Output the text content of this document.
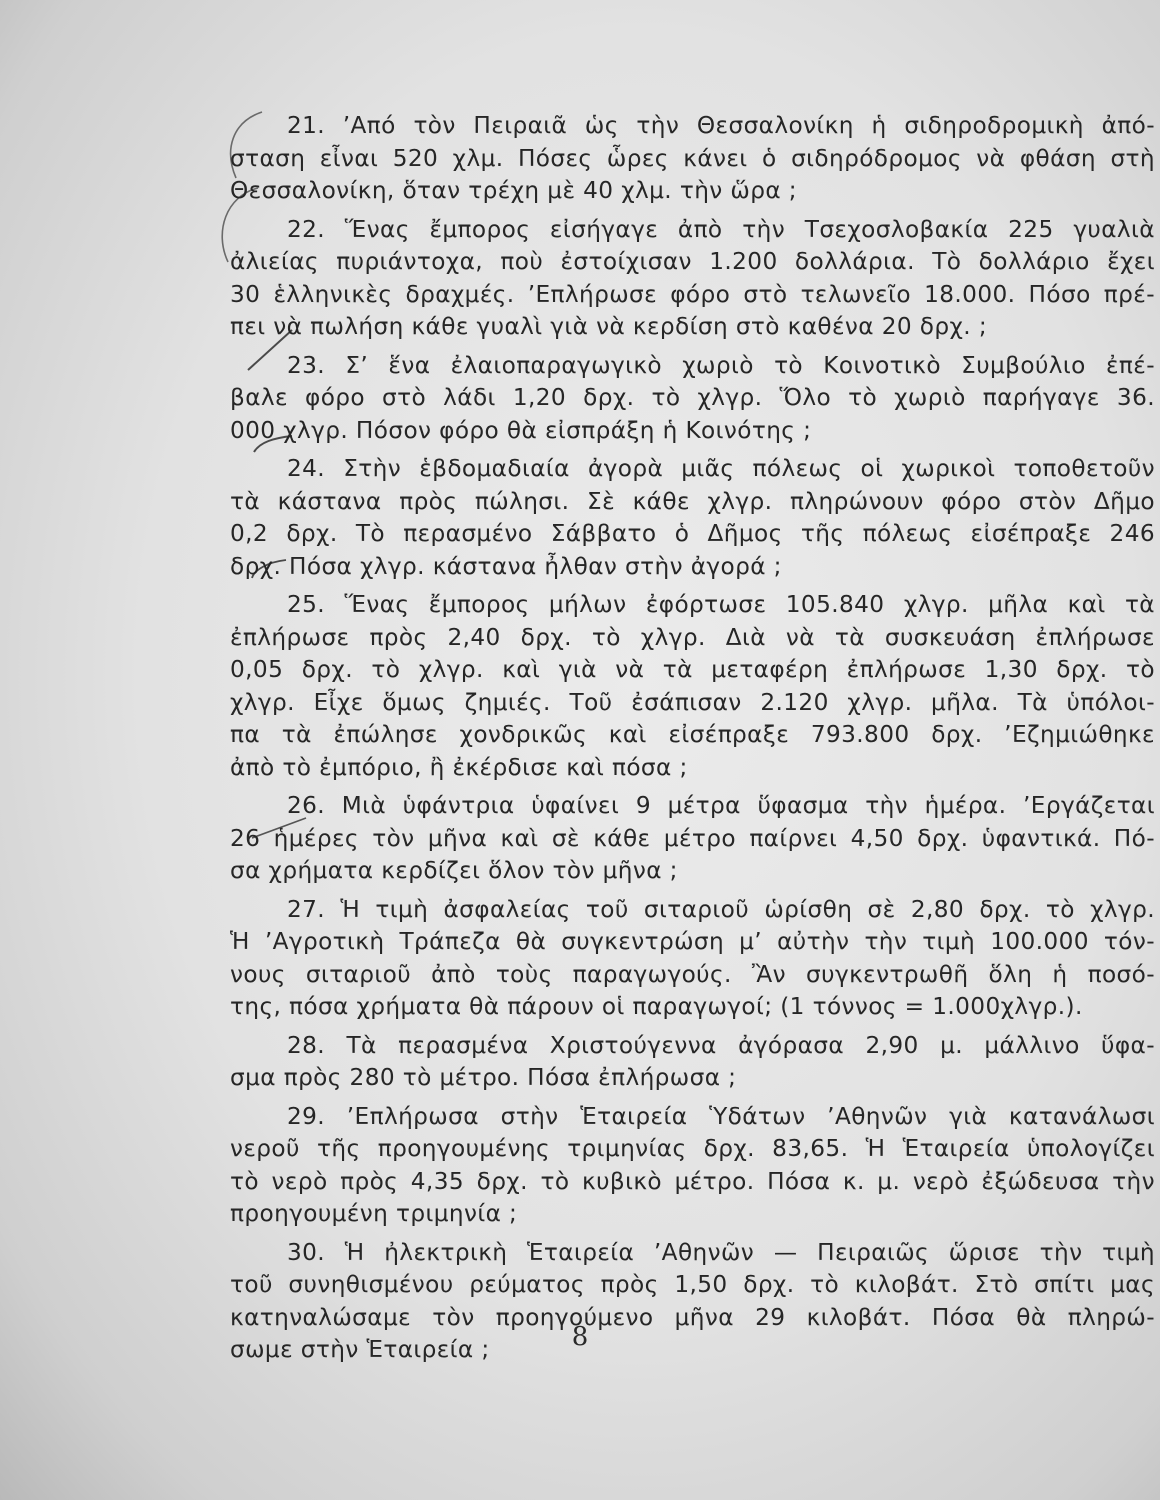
21. ’Από τὸν Πειραιᾶ ὡς τὴν Θεσσαλονίκη ἡ σιδηροδρομικὴ ἀπό-
σταση εἶναι 520 χλμ. Πόσες ὧρες κάνει ὁ σιδηρόδρομος νὰ φθάση στὴ
Θεσσαλονίκη, ὅταν τρέχη μὲ 40 χλμ. τὴν ὥρα ;
22. Ἕνας ἔμπορος εἰσήγαγε ἀπὸ τὴν Τσεχοσλοβακία 225 γυαλιὰ
ἀλιείας πυριάντοχα, ποὺ ἐστοίχισαν 1.200 δολλάρια. Τὸ δολλάριο ἔχει
30 ἑλληνικὲς δραχμές. ’Επλήρωσε φόρο στὸ τελωνεῖο 18.000. Πόσο πρέ-
πει νὰ πωλήση κάθε γυαλὶ γιὰ νὰ κερδίση στὸ καθένα 20 δρχ. ;
23. Σ’ ἕνα ἐλαιοπαραγωγικὸ χωριὸ τὸ Κοινοτικὸ Συμβούλιο ἐπέ-
βαλε φόρο στὸ λάδι 1,20 δρχ. τὸ χλγρ. Ὅλο τὸ χωριὸ παρήγαγε 36.
000 χλγρ. Πόσον φόρο θὰ εἰσπράξη ἡ Κοινότης ;
24. Στὴν ἑβδομαδιαία ἀγορὰ μιᾶς πόλεως οἱ χωρικοὶ τοποθετοῦν
τὰ κάστανα πρὸς πώλησι. Σὲ κάθε χλγρ. πληρώνουν φόρο στὸν Δῆμο
0,2 δρχ. Τὸ περασμένο Σάββατο ὁ Δῆμος τῆς πόλεως εἰσέπραξε 246
δρχ. Πόσα χλγρ. κάστανα ἦλθαν στὴν ἀγορά ;
25. Ἕνας ἔμπορος μήλων ἐφόρτωσε 105.840 χλγρ. μῆλα καὶ τὰ
ἐπλήρωσε πρὸς 2,40 δρχ. τὸ χλγρ. Διὰ νὰ τὰ συσκευάση ἐπλήρωσε
0,05 δρχ. τὸ χλγρ. καὶ γιὰ νὰ τὰ μεταφέρη ἐπλήρωσε 1,30 δρχ. τὸ
χλγρ. Εἶχε ὅμως ζημιές. Τοῦ ἐσάπισαν 2.120 χλγρ. μῆλα. Τὰ ὑπόλοι-
πα τὰ ἐπώλησε χονδρικῶς καὶ εἰσέπραξε 793.800 δρχ. ’Εζημιώθηκε
ἀπὸ τὸ ἐμπόριο, ἢ ἐκέρδισε καὶ πόσα ;
26. Μιὰ ὑφάντρια ὑφαίνει 9 μέτρα ὕφασμα τὴν ἡμέρα. ’Εργάζεται
26 ἡμέρες τὸν μῆνα καὶ σὲ κάθε μέτρο παίρνει 4,50 δρχ. ὑφαντικά. Πό-
σα χρήματα κερδίζει ὅλον τὸν μῆνα ;
27. Ἡ τιμὴ ἀσφαλείας τοῦ σιταριοῦ ὡρίσθη σὲ 2,80 δρχ. τὸ χλγρ.
Ἡ ’Αγροτικὴ Τράπεζα θὰ συγκεντρώση μ’ αὐτὴν τὴν τιμὴ 100.000 τόν-
νους σιταριοῦ ἀπὸ τοὺς παραγωγούς. Ἂν συγκεντρωθῆ ὅλη ἡ ποσό-
της, πόσα χρήματα θὰ πάρουν οἱ παραγωγοί; (1 τόννος = 1.000χλγρ.).
28. Τὰ περασμένα Χριστούγεννα ἀγόρασα 2,90 μ. μάλλινο ὕφα-
σμα πρὸς 280 τὸ μέτρο. Πόσα ἐπλήρωσα ;
29. ’Επλήρωσα στὴν Ἑταιρεία Ὑδάτων ’Αθηνῶν γιὰ κατανάλωσι
νεροῦ τῆς προηγουμένης τριμηνίας δρχ. 83,65. Ἡ Ἑταιρεία ὑπολογίζει
τὸ νερὸ πρὸς 4,35 δρχ. τὸ κυβικὸ μέτρο. Πόσα κ. μ. νερὸ ἐξώδευσα τὴν
προηγουμένη τριμηνία ;
30. Ἡ ἠλεκτρικὴ Ἑταιρεία ’Αθηνῶν — Πειραιῶς ὥρισε τὴν τιμὴ
τοῦ συνηθισμένου ρεύματος πρὸς 1,50 δρχ. τὸ κιλοβάτ. Στὸ σπίτι μας
κατηναλώσαμε τὸν προηγούμενο μῆνα 29 κιλοβάτ. Πόσα θὰ πληρώ-
σωμε στὴν Ἑταιρεία ;	8
